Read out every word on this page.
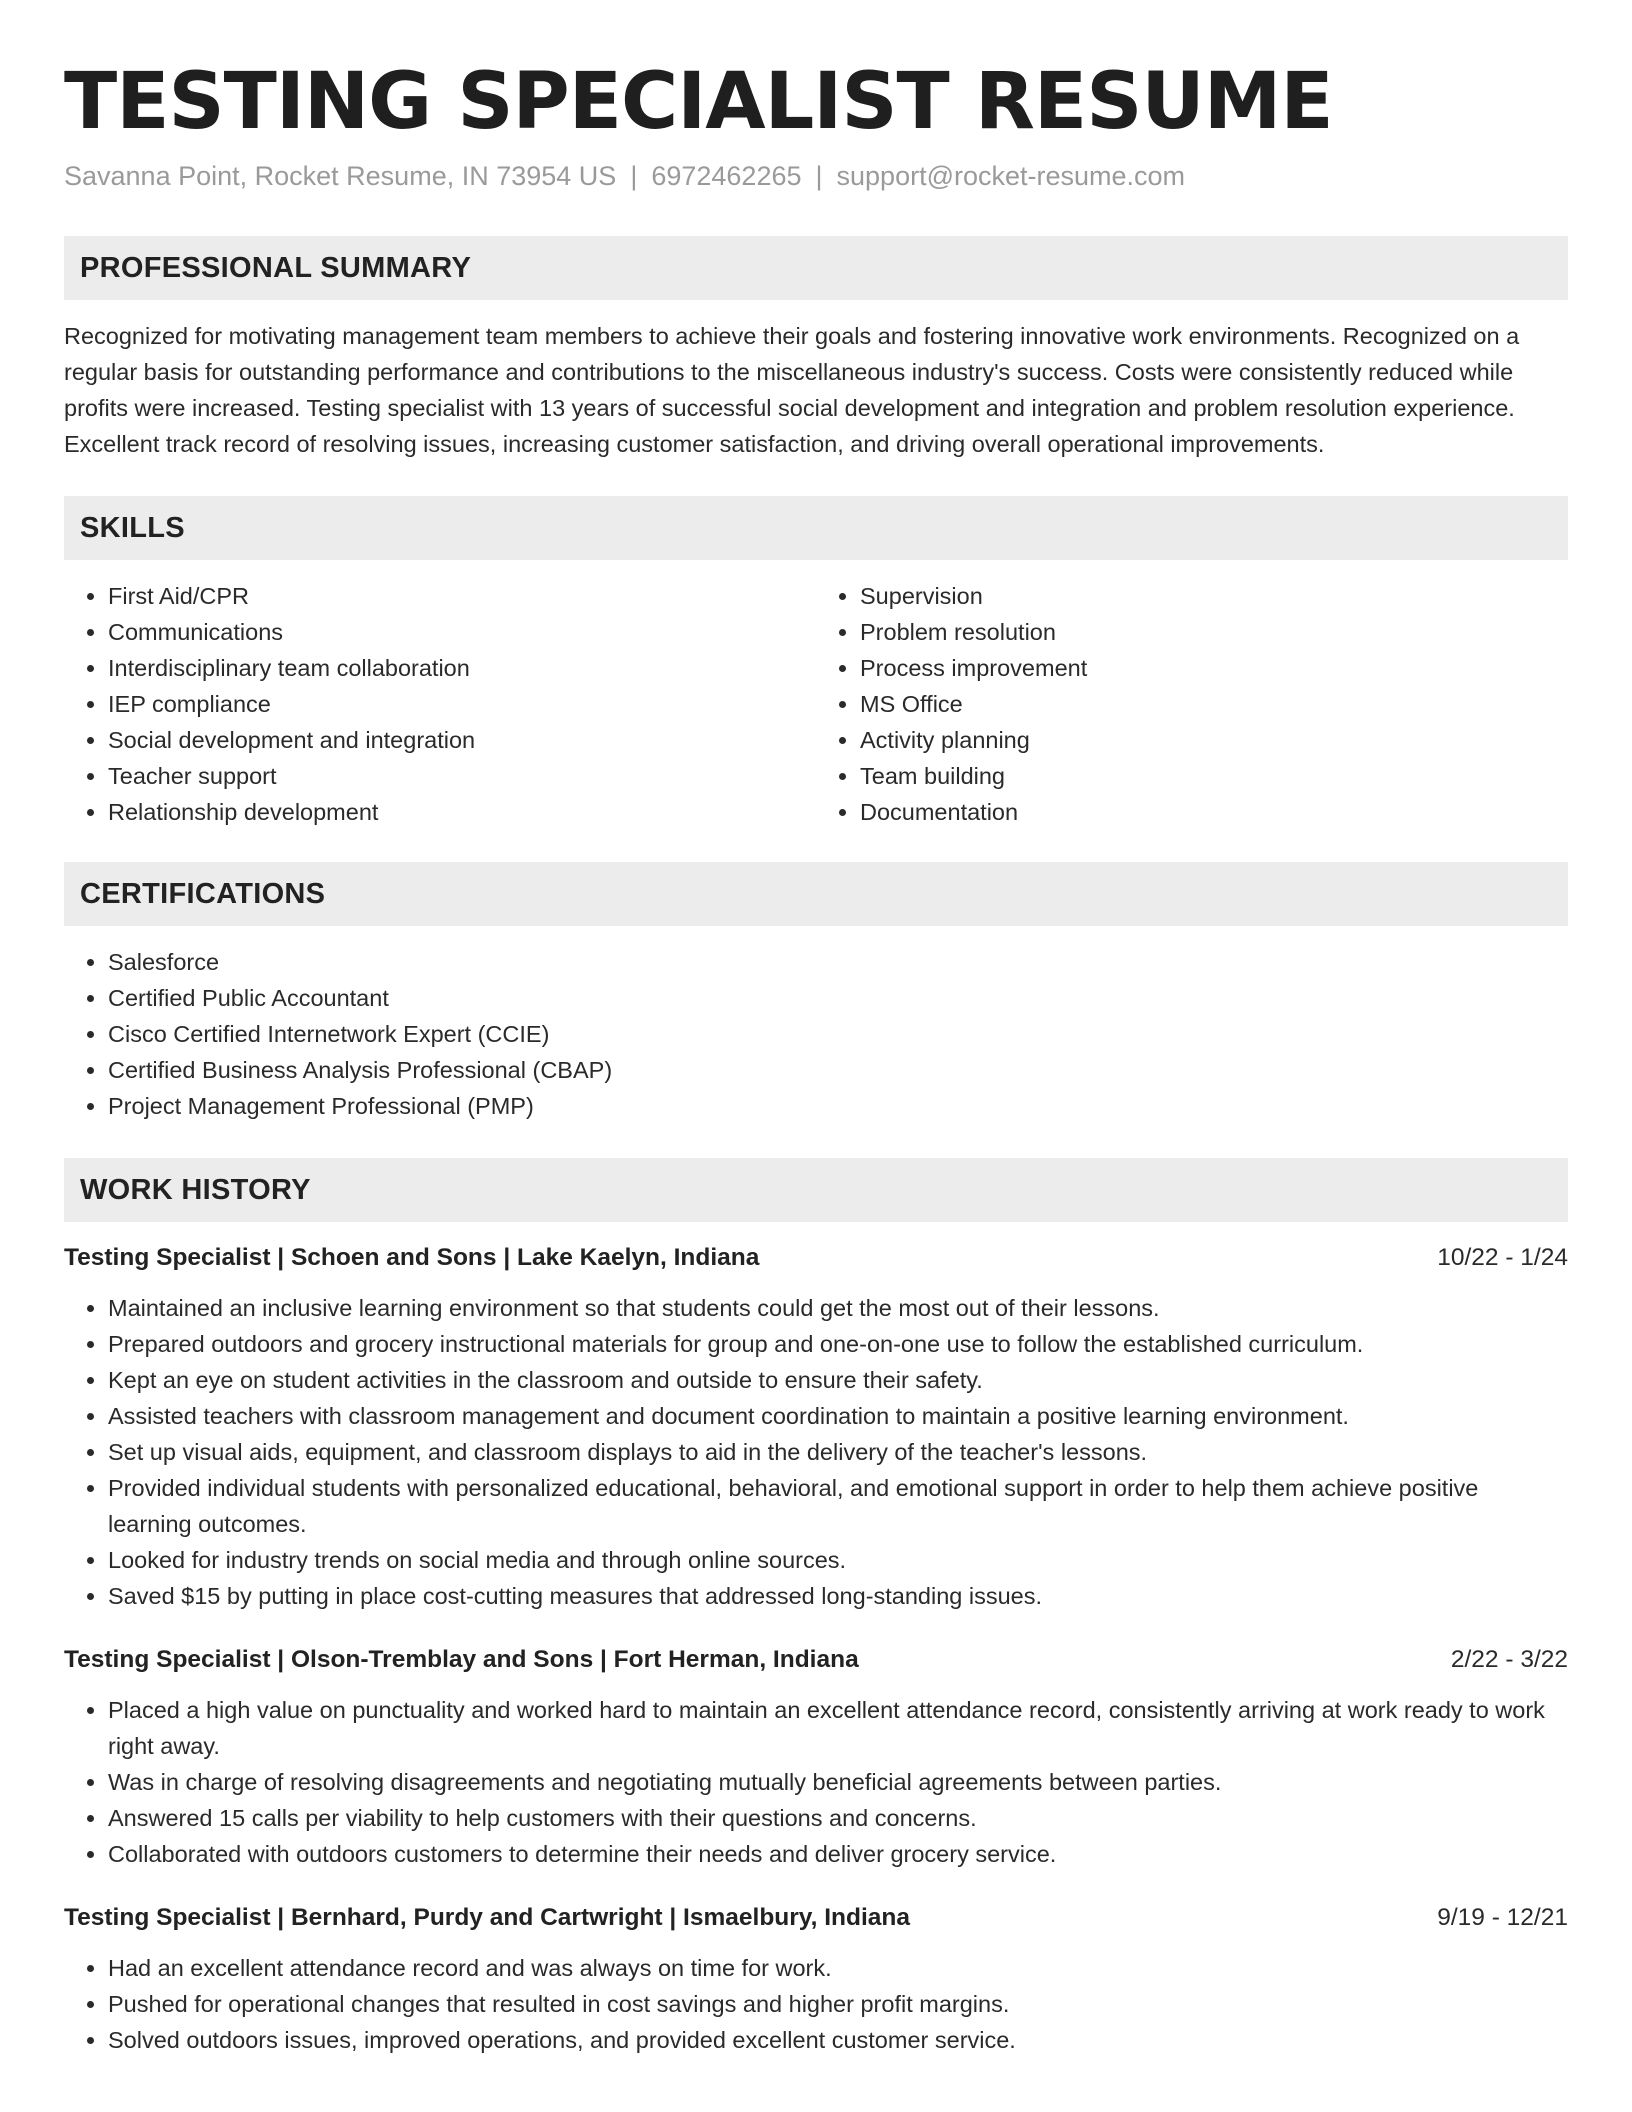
TESTING SPECIALIST RESUME
Savanna Point, Rocket Resume, IN 73954 US | 6972462265 | support@rocket-resume.com
PROFESSIONAL SUMMARY

Recognized for motivating management team members to achieve their goals and fostering innovative work environments. Recognized on a regular basis for outstanding performance and contributions to the miscellaneous industry's success. Costs were consistently reduced while profits were increased. Testing specialist with 13 years of successful social development and integration and problem resolution experience. Excellent track record of resolving issues, increasing customer satisfaction, and driving overall operational improvements.

SKILLS
• First Aid/CPR
• Communications
• Interdisciplinary team collaboration
• IEP compliance
• Social development and integration
• Teacher support
• Relationship development
• Supervision
• Problem resolution
• Process improvement
• MS Office
• Activity planning
• Team building
• Documentation
CERTIFICATIONS
• Salesforce
• Certified Public Accountant
• Cisco Certified Internetwork Expert (CCIE)
• Certified Business Analysis Professional (CBAP)
• Project Management Professional (PMP)
WORK HISTORY
Testing Specialist | Schoen and Sons | Lake Kaelyn, Indiana	10/22 - 1/24
• Maintained an inclusive learning environment so that students could get the most out of their lessons.
• Prepared outdoors and grocery instructional materials for group and one-on-one use to follow the established curriculum.
• Kept an eye on student activities in the classroom and outside to ensure their safety.
• Assisted teachers with classroom management and document coordination to maintain a positive learning environment.
• Set up visual aids, equipment, and classroom displays to aid in the delivery of the teacher's lessons.
• Provided individual students with personalized educational, behavioral, and emotional support in order to help them achieve positive learning outcomes.
• Looked for industry trends on social media and through online sources.
• Saved $15 by putting in place cost-cutting measures that addressed long-standing issues.
Testing Specialist | Olson-Tremblay and Sons | Fort Herman, Indiana	2/22 - 3/22
• Placed a high value on punctuality and worked hard to maintain an excellent attendance record, consistently arriving at work ready to work right away.
• Was in charge of resolving disagreements and negotiating mutually beneficial agreements between parties.
• Answered 15 calls per viability to help customers with their questions and concerns.
• Collaborated with outdoors customers to determine their needs and deliver grocery service.
Testing Specialist | Bernhard, Purdy and Cartwright | Ismaelbury, Indiana	9/19 - 12/21
• Had an excellent attendance record and was always on time for work.
• Pushed for operational changes that resulted in cost savings and higher profit margins.
• Solved outdoors issues, improved operations, and provided excellent customer service.
